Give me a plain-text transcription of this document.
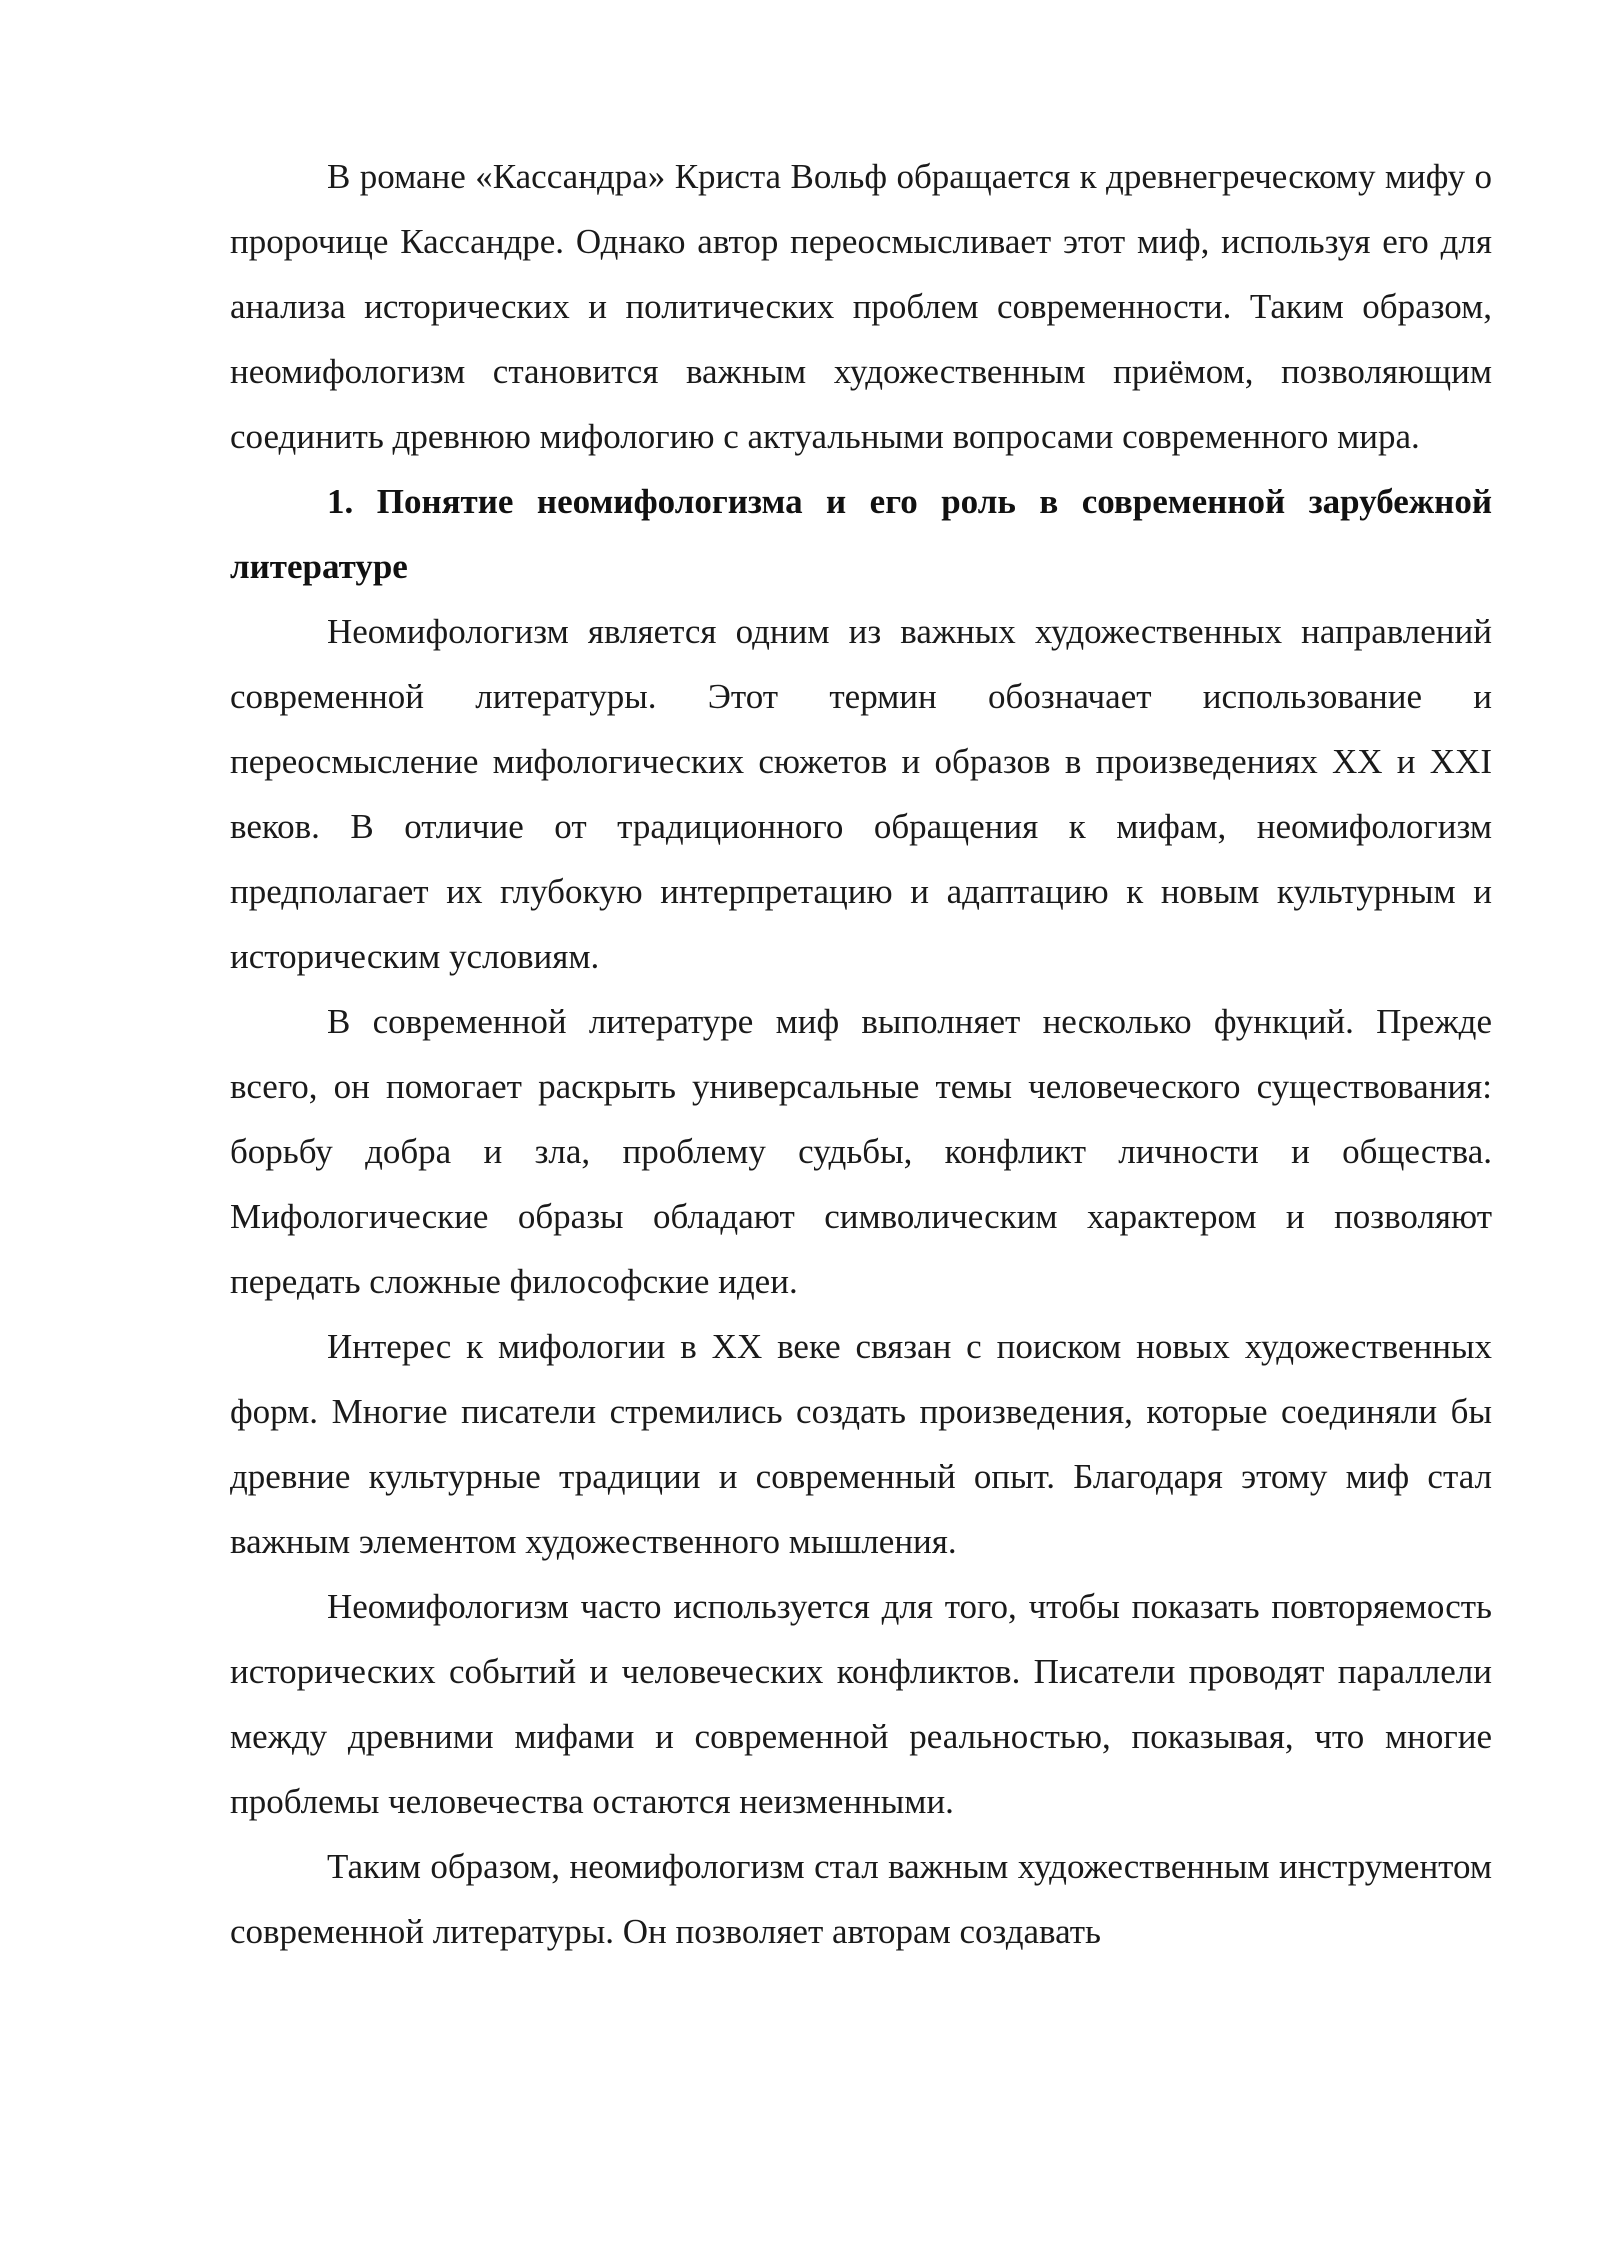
В романе «Кассандра» Криста Вольф обращается к древнегреческому мифу о пророчице Кассандре. Однако автор переосмысливает этот миф, используя его для анализа исторических и политических проблем современности. Таким образом, неомифологизм становится важным художественным приёмом, позволяющим соединить древнюю мифологию с актуальными вопросами современного мира.

1. Понятие неомифологизма и его роль в современной зарубежной литературе

Неомифологизм является одним из важных художественных направлений современной литературы. Этот термин обозначает использование и переосмысление мифологических сюжетов и образов в произведениях XX и XXI веков. В отличие от традиционного обращения к мифам, неомифологизм предполагает их глубокую интерпретацию и адаптацию к новым культурным и историческим условиям.

В современной литературе миф выполняет несколько функций. Прежде всего, он помогает раскрыть универсальные темы человеческого существования: борьбу добра и зла, проблему судьбы, конфликт личности и общества. Мифологические образы обладают символическим характером и позволяют передать сложные философские идеи.

Интерес к мифологии в XX веке связан с поиском новых художественных форм. Многие писатели стремились создать произведения, которые соединяли бы древние культурные традиции и современный опыт. Благодаря этому миф стал важным элементом художественного мышления.

Неомифологизм часто используется для того, чтобы показать повторяемость исторических событий и человеческих конфликтов. Писатели проводят параллели между древними мифами и современной реальностью, показывая, что многие проблемы человечества остаются неизменными.

Таким образом, неомифологизм стал важным художественным инструментом современной литературы. Он позволяет авторам создавать
